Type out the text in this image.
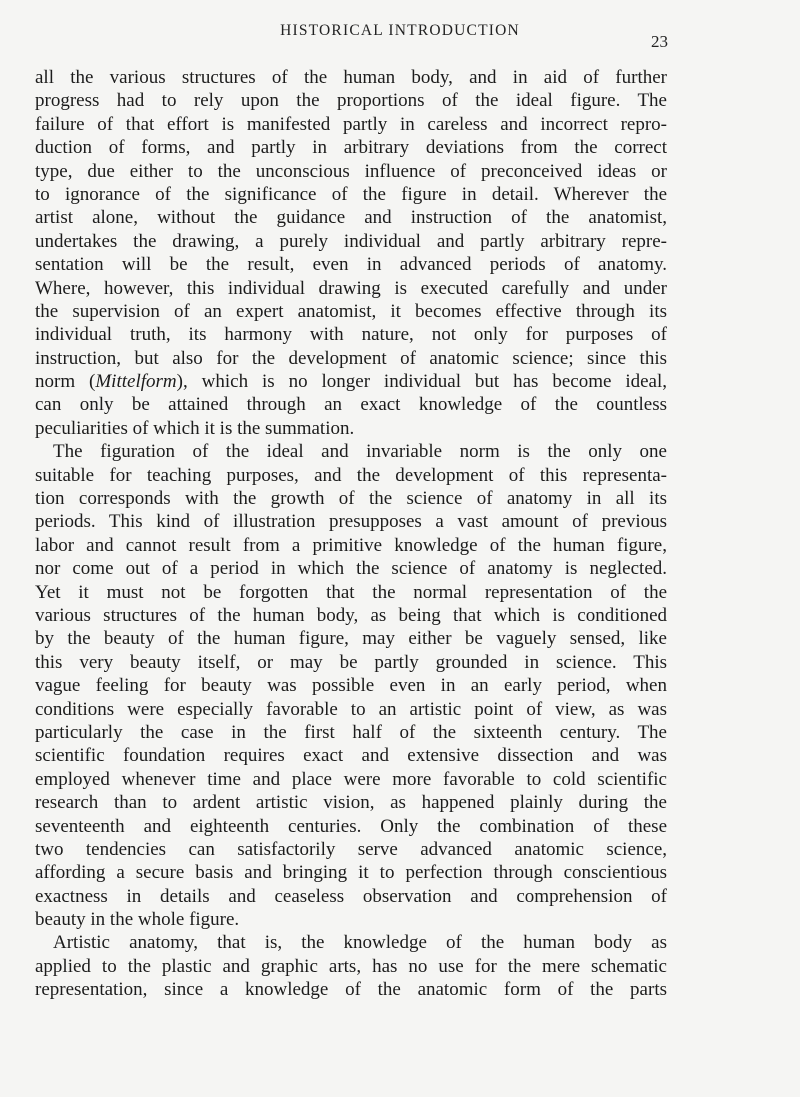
HISTORICAL INTRODUCTION
23
all the various structures of the human body, and in aid of further
progress had to rely upon the proportions of the ideal figure. The
failure of that effort is manifested partly in careless and incorrect repro-
duction of forms, and partly in arbitrary deviations from the correct
type, due either to the unconscious influence of preconceived ideas or
to ignorance of the significance of the figure in detail. Wherever the
artist alone, without the guidance and instruction of the anatomist,
undertakes the drawing, a purely individual and partly arbitrary repre-
sentation will be the result, even in advanced periods of anatomy.
Where, however, this individual drawing is executed carefully and under
the supervision of an expert anatomist, it becomes effective through its
individual truth, its harmony with nature, not only for purposes of
instruction, but also for the development of anatomic science; since this
norm (Mittelform), which is no longer individual but has become ideal,
can only be attained through an exact knowledge of the countless
peculiarities of which it is the summation.
The figuration of the ideal and invariable norm is the only one
suitable for teaching purposes, and the development of this representa-
tion corresponds with the growth of the science of anatomy in all its
periods. This kind of illustration presupposes a vast amount of previous
labor and cannot result from a primitive knowledge of the human figure,
nor come out of a period in which the science of anatomy is neglected.
Yet it must not be forgotten that the normal representation of the
various structures of the human body, as being that which is conditioned
by the beauty of the human figure, may either be vaguely sensed, like
this very beauty itself, or may be partly grounded in science. This
vague feeling for beauty was possible even in an early period, when
conditions were especially favorable to an artistic point of view, as was
particularly the case in the first half of the sixteenth century. The
scientific foundation requires exact and extensive dissection and was
employed whenever time and place were more favorable to cold scientific
research than to ardent artistic vision, as happened plainly during the
seventeenth and eighteenth centuries. Only the combination of these
two tendencies can satisfactorily serve advanced anatomic science,
affording a secure basis and bringing it to perfection through conscientious
exactness in details and ceaseless observation and comprehension of
beauty in the whole figure.
Artistic anatomy, that is, the knowledge of the human body as
applied to the plastic and graphic arts, has no use for the mere schematic
representation, since a knowledge of the anatomic form of the parts
